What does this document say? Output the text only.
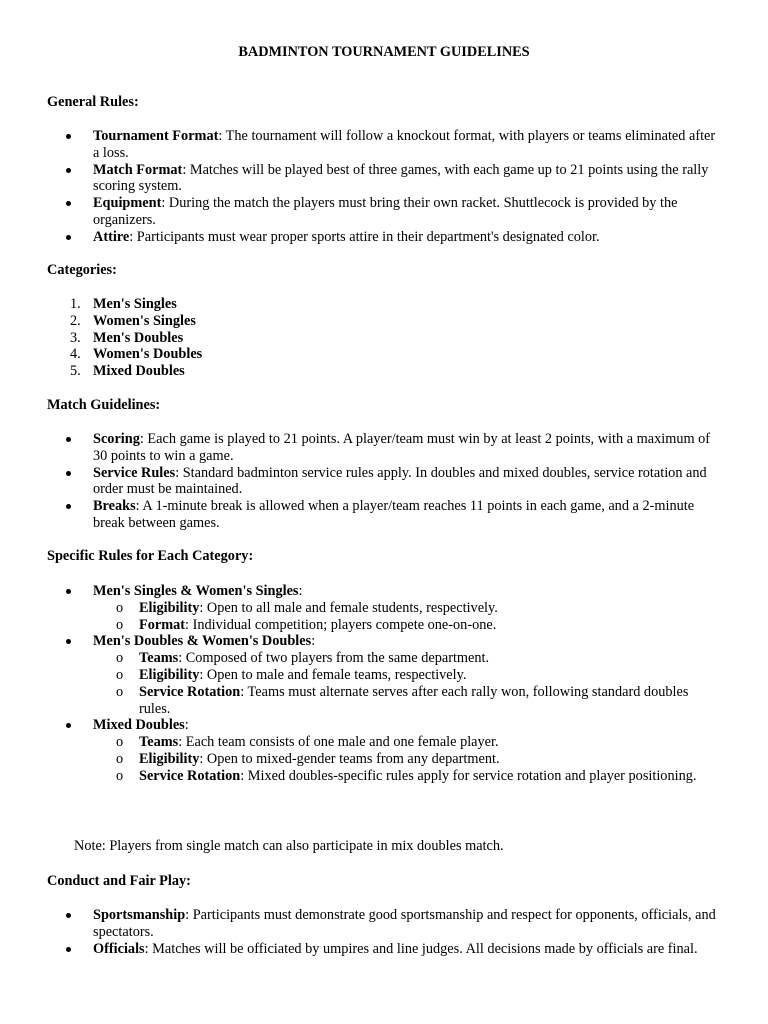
BADMINTON TOURNAMENT GUIDELINES

General Rules:

Tournament Format: The tournament will follow a knockout format, with players or teams eliminated after a loss.
Match Format: Matches will be played best of three games, with each game up to 21 points using the rally scoring system.
Equipment: During the match the players must bring their own racket. Shuttlecock is provided by the organizers.
Attire: Participants must wear proper sports attire in their department's designated color.

Categories:

1. Men's Singles
2. Women's Singles
3. Men's Doubles
4. Women's Doubles
5. Mixed Doubles

Match Guidelines:

Scoring: Each game is played to 21 points. A player/team must win by at least 2 points, with a maximum of 30 points to win a game.
Service Rules: Standard badminton service rules apply. In doubles and mixed doubles, service rotation and order must be maintained.
Breaks: A 1-minute break is allowed when a player/team reaches 11 points in each game, and a 2-minute break between games.

Specific Rules for Each Category:

Men's Singles & Women's Singles:
o Eligibility: Open to all male and female students, respectively.
o Format: Individual competition; players compete one-on-one.
Men's Doubles & Women's Doubles:
o Teams: Composed of two players from the same department.
o Eligibility: Open to male and female teams, respectively.
o Service Rotation: Teams must alternate serves after each rally won, following standard doubles rules.
Mixed Doubles:
o Teams: Each team consists of one male and one female player.
o Eligibility: Open to mixed-gender teams from any department.
o Service Rotation: Mixed doubles-specific rules apply for service rotation and player positioning.

Note: Players from single match can also participate in mix doubles match.

Conduct and Fair Play:

Sportsmanship: Participants must demonstrate good sportsmanship and respect for opponents, officials, and spectators.
Officials: Matches will be officiated by umpires and line judges. All decisions made by officials are final.
